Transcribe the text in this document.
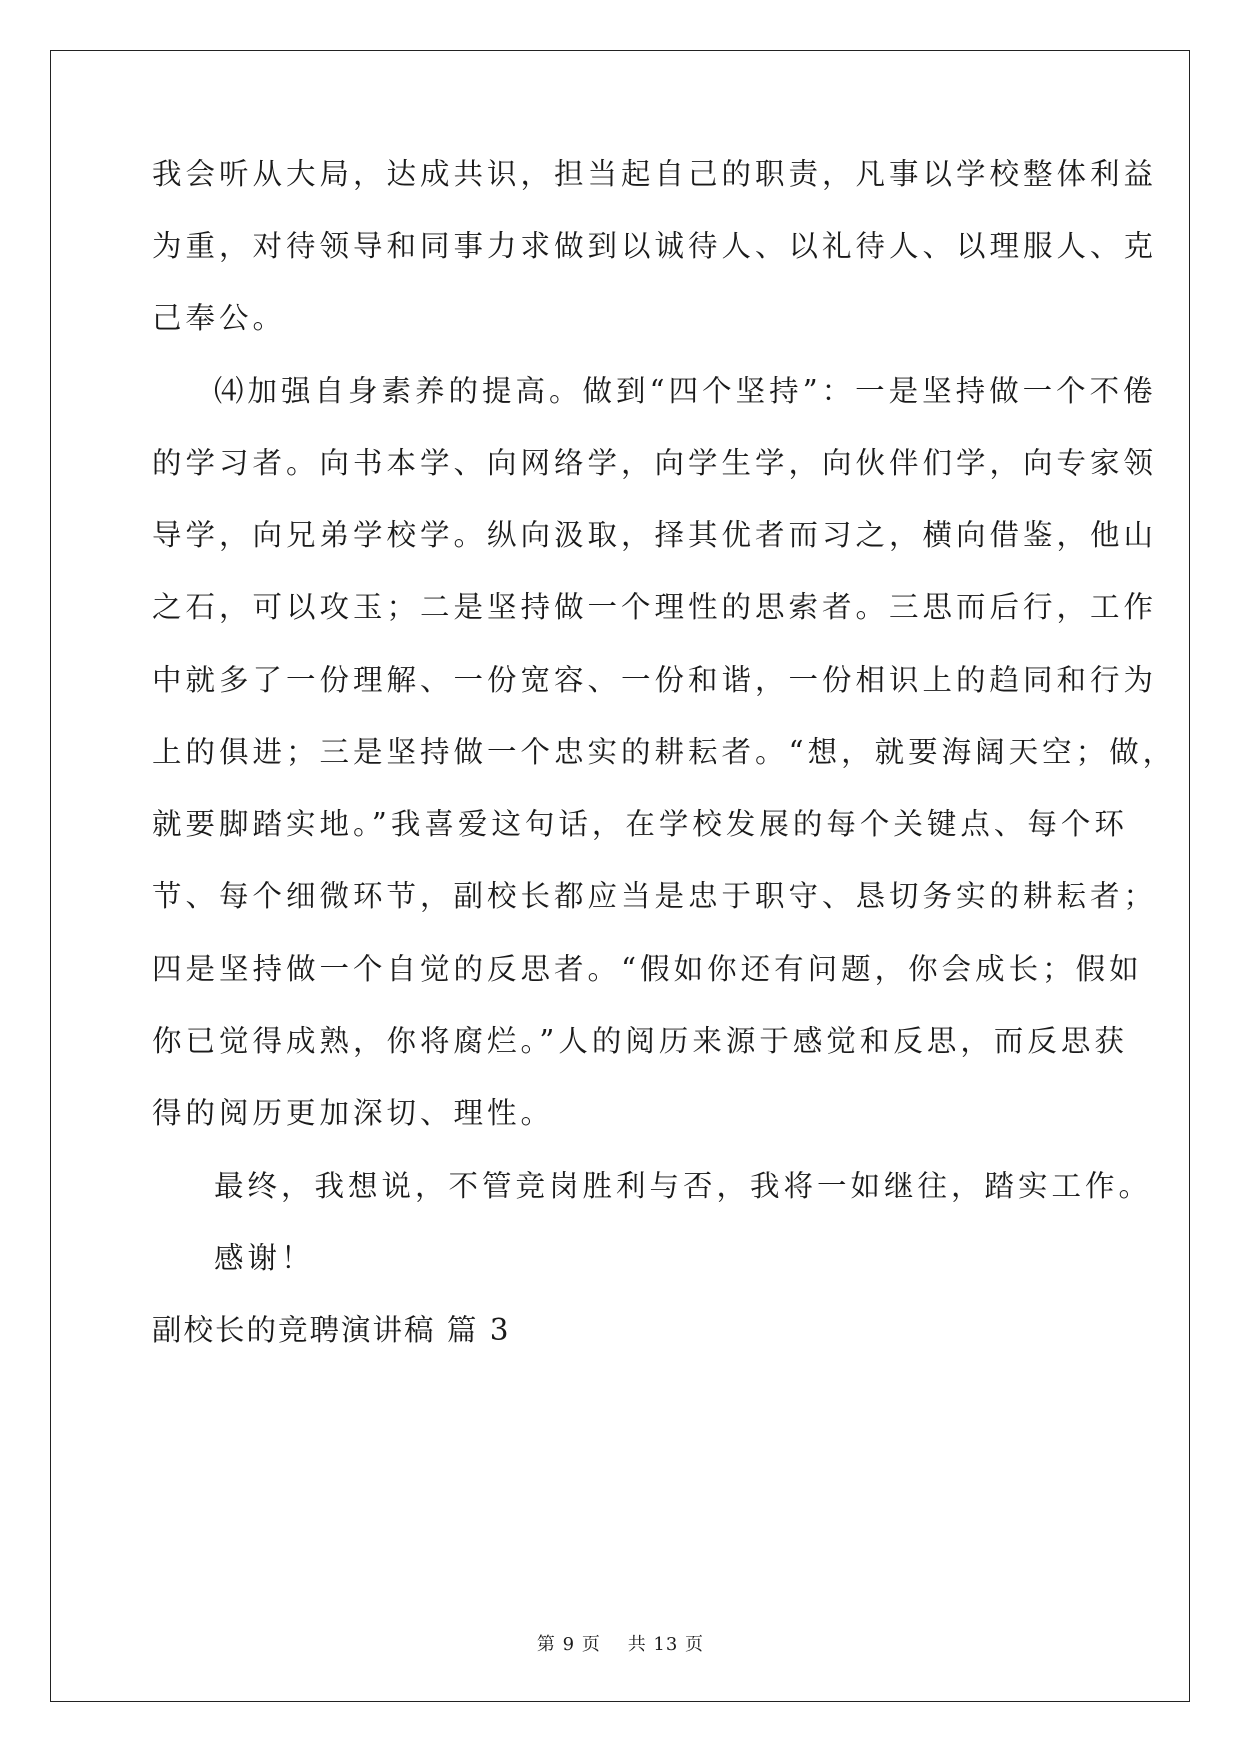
我会听从大局，达成共识，担当起自己的职责，凡事以学校整体利益
为重，对待领导和同事力求做到以诚待人、以礼待人、以理服人、克
己奉公。
⑷加强自身素养的提高。做到“四个坚持”：一是坚持做一个不倦
的学习者。向书本学、向网络学，向学生学，向伙伴们学，向专家领
导学，向兄弟学校学。纵向汲取，择其优者而习之，横向借鉴，他山
之石，可以攻玉；二是坚持做一个理性的思索者。三思而后行，工作
中就多了一份理解、一份宽容、一份和谐，一份相识上的趋同和行为
上的俱进；三是坚持做一个忠实的耕耘者。“想，就要海阔天空；做，
就要脚踏实地。”我喜爱这句话，在学校发展的每个关键点、每个环
节、每个细微环节，副校长都应当是忠于职守、恳切务实的耕耘者；
四是坚持做一个自觉的反思者。“假如你还有问题，你会成长；假如
你已觉得成熟，你将腐烂。”人的阅历来源于感觉和反思，而反思获
得的阅历更加深切、理性。
最终，我想说，不管竞岗胜利与否，我将一如继往，踏实工作。
感谢！
副校长的竞聘演讲稿 篇 3
第 9 页    共 13 页
